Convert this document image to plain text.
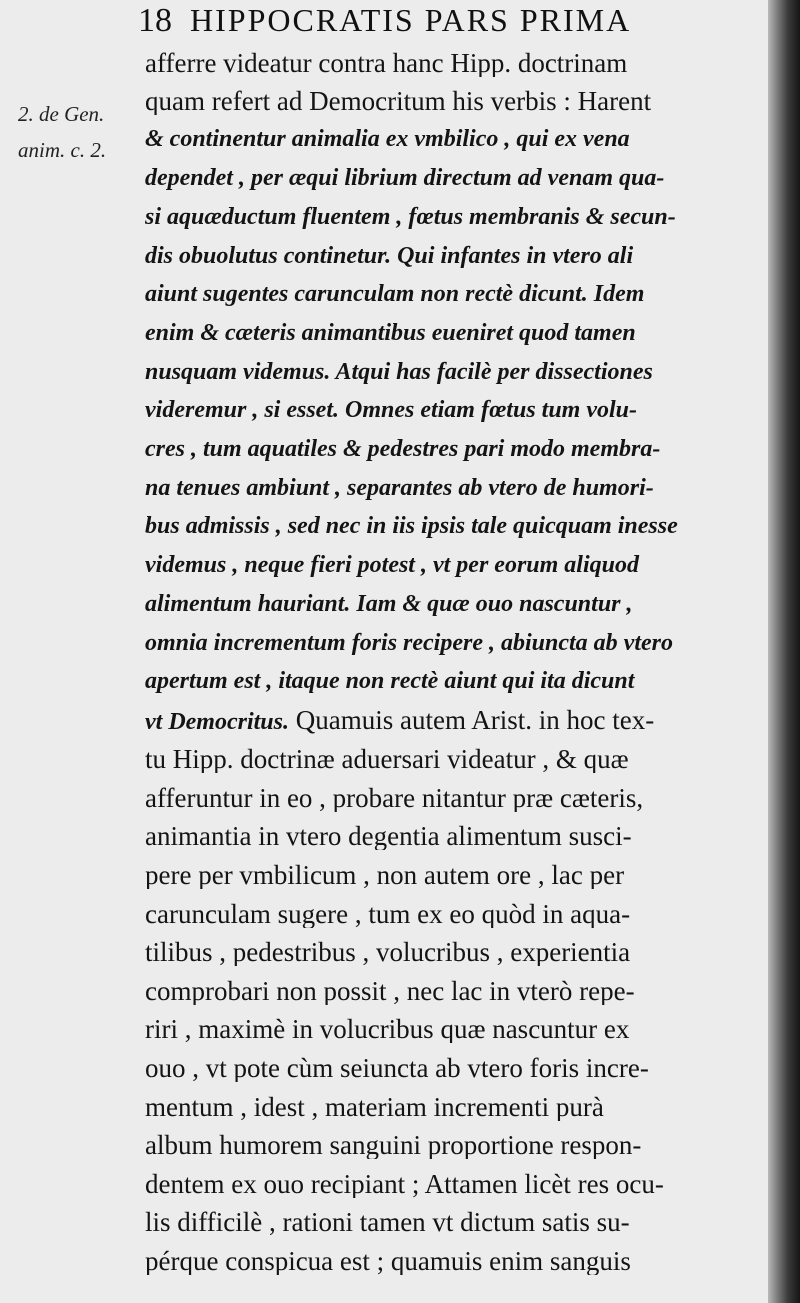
18 HIPPOCRATIS PARS PRIMA
2. de Gen.
anim. c. 2.
afferre videatur contra hanc Hipp. doctrinam
quam refert ad Democritum his verbis : Harent
& continentur animalia ex vmbilico , qui ex vena
dependet , per æqui librium directum ad venam qua-
si aquæductum fluentem , fœtus membranis & secun-
dis obuolutus continetur. Qui infantes in vtero ali
aiunt sugentes carunculam non rectè dicunt. Idem
enim & cæteris animantibus eueniret quod tamen
nusquam videmus. Atqui has facilè per dissectiones
videremur , si esset. Omnes etiam fœtus tum volu-
cres , tum aquatiles & pedestres pari modo membra-
na tenues ambiunt , separantes ab vtero de humori-
bus admissis , sed nec in iis ipsis tale quicquam inesse
videmus , neque fieri potest , vt per eorum aliquod
alimentum hauriant. Iam & quæ ouo nascuntur ,
omnia incrementum foris recipere , abiuncta ab vtero
apertum est , itaque non rectè aiunt qui ita dicunt
vt Democritus. Quamuis autem Arist. in hoc tex-
tu Hipp. doctrinæ aduersari videatur , & quæ
afferuntur in eo , probare nitantur præ cæteris,
animantia in vtero degentia alimentum susci-
pere per vmbilicum , non autem ore , lac per
carunculam sugere , tum ex eo quòd in aqua-
tilibus , pedestribus , volucribus , experientia
comprobari non possit , nec lac in vterò repe-
riri , maximè in volucribus quæ nascuntur ex
ouo , vt pote cùm seiuncta ab vtero foris incre-
mentum , idest , materiam incrementi purà
album humorem sanguini proportione respon-
dentem ex ouo recipiant ; Attamen licèt res ocu-
lis difficilè , rationi tamen vt dictum satis su-
pérque conspicua est ; quamuis enim sanguis
